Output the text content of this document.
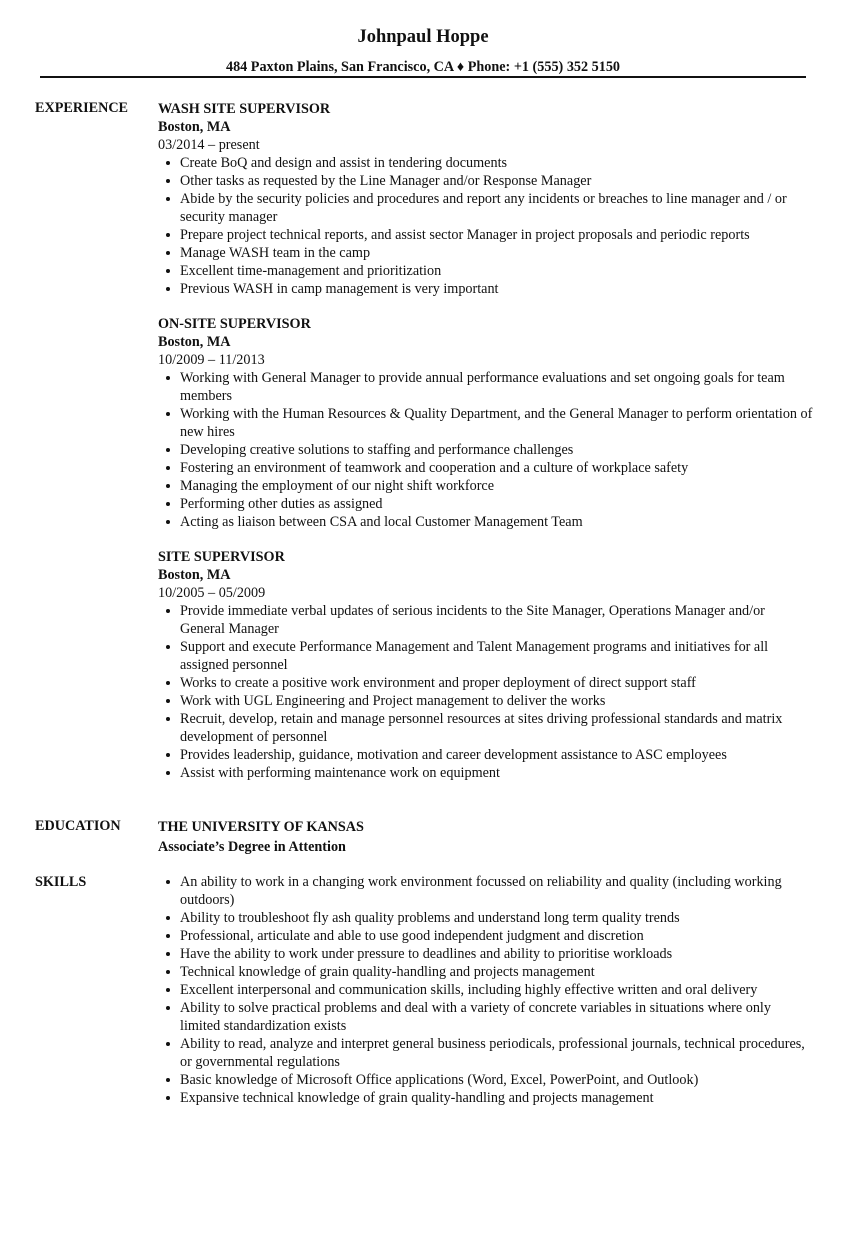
Johnpaul Hoppe
484 Paxton Plains, San Francisco, CA ♦ Phone: +1 (555) 352 5150
EXPERIENCE WASH SITE SUPERVISOR
Boston, MA
03/2014 – present
Create BoQ and design and assist in tendering documents
Other tasks as requested by the Line Manager and/or Response Manager
Abide by the security policies and procedures and report any incidents or breaches to line manager and / or security manager
Prepare project technical reports, and assist sector Manager in project proposals and periodic reports
Manage WASH team in the camp
Excellent time-management and prioritization
Previous WASH in camp management is very important
ON-SITE SUPERVISOR
Boston, MA
10/2009 – 11/2013
Working with General Manager to provide annual performance evaluations and set ongoing goals for team members
Working with the Human Resources & Quality Department, and the General Manager to perform orientation of new hires
Developing creative solutions to staffing and performance challenges
Fostering an environment of teamwork and cooperation and a culture of workplace safety
Managing the employment of our night shift workforce
Performing other duties as assigned
Acting as liaison between CSA and local Customer Management Team
SITE SUPERVISOR
Boston, MA
10/2005 – 05/2009
Provide immediate verbal updates of serious incidents to the Site Manager, Operations Manager and/or General Manager
Support and execute Performance Management and Talent Management programs and initiatives for all assigned personnel
Works to create a positive work environment and proper deployment of direct support staff
Work with UGL Engineering and Project management to deliver the works
Recruit, develop, retain and manage personnel resources at sites driving professional standards and matrix development of personnel
Provides leadership, guidance, motivation and career development assistance to ASC employees
Assist with performing maintenance work on equipment
EDUCATION	THE UNIVERSITY OF KANSAS
Associate’s Degree in Attention
SKILLS	An ability to work in a changing work environment focussed on reliability and quality (including working outdoors)
Ability to troubleshoot fly ash quality problems and understand long term quality trends
Professional, articulate and able to use good independent judgment and discretion
Have the ability to work under pressure to deadlines and ability to prioritise workloads
Technical knowledge of grain quality-handling and projects management
Excellent interpersonal and communication skills, including highly effective written and oral delivery
Ability to solve practical problems and deal with a variety of concrete variables in situations where only limited standardization exists
Ability to read, analyze and interpret general business periodicals, professional journals, technical procedures, or governmental regulations
Basic knowledge of Microsoft Office applications (Word, Excel, PowerPoint, and Outlook)
Expansive technical knowledge of grain quality-handling and projects management
